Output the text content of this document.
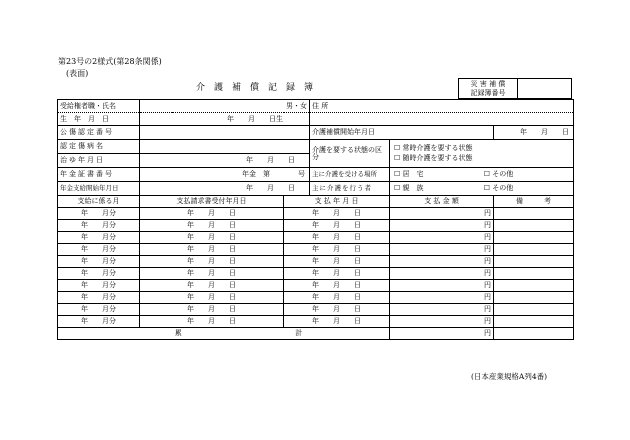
第23号の2様式(第28条関係)
(表面)
介護補償記録簿	災 害 補 償
記録簿番号
受給権者職・氏名	男・女		住 所		

生　年　月　日	年　　月　　日生				
公傷認定番号			介護補償開始年月日		年　　月　　日
認定傷病名			介護を要する状態の区分	☐ 常時介護を要する状態
☐ 随時介護を要する状態	

治ゆ年月日	年　　月　　日				
年金証書番号	年金　第　　　　 号		主に介護を受ける場所	☐ 居　宅 ☐ その他	
年金支給開始年月日	年　　月　　日		主に介護を行う者	☐ 親　族 ☐ その他	
支給に係る月	支払請求書受付年月日	支 払 年 月 日		支 払 金 額	備　　　考
年　　月分	年　　月　　日	年　　月　　日		円	
年　　月分	年　　月　　日	年　　月　　日		円	
年　　月分	年　　月　　日	年　　月　　日		円	
年　　月分	年　　月　　日	年　　月　　日		円	
年　　月分	年　　月　　日	年　　月　　日		円	
年　　月分	年　　月　　日	年　　月　　日		円	
年　　月分	年　　月　　日	年　　月　　日		円	
年　　月分	年　　月　　日	年　　月　　日		円	
年　　月分	年　　月　　日	年　　月　　日		円	
年　　月分	年　　月　　日	年　　月　　日		円	

累 計				円	
(日本産業規格A列4番)
